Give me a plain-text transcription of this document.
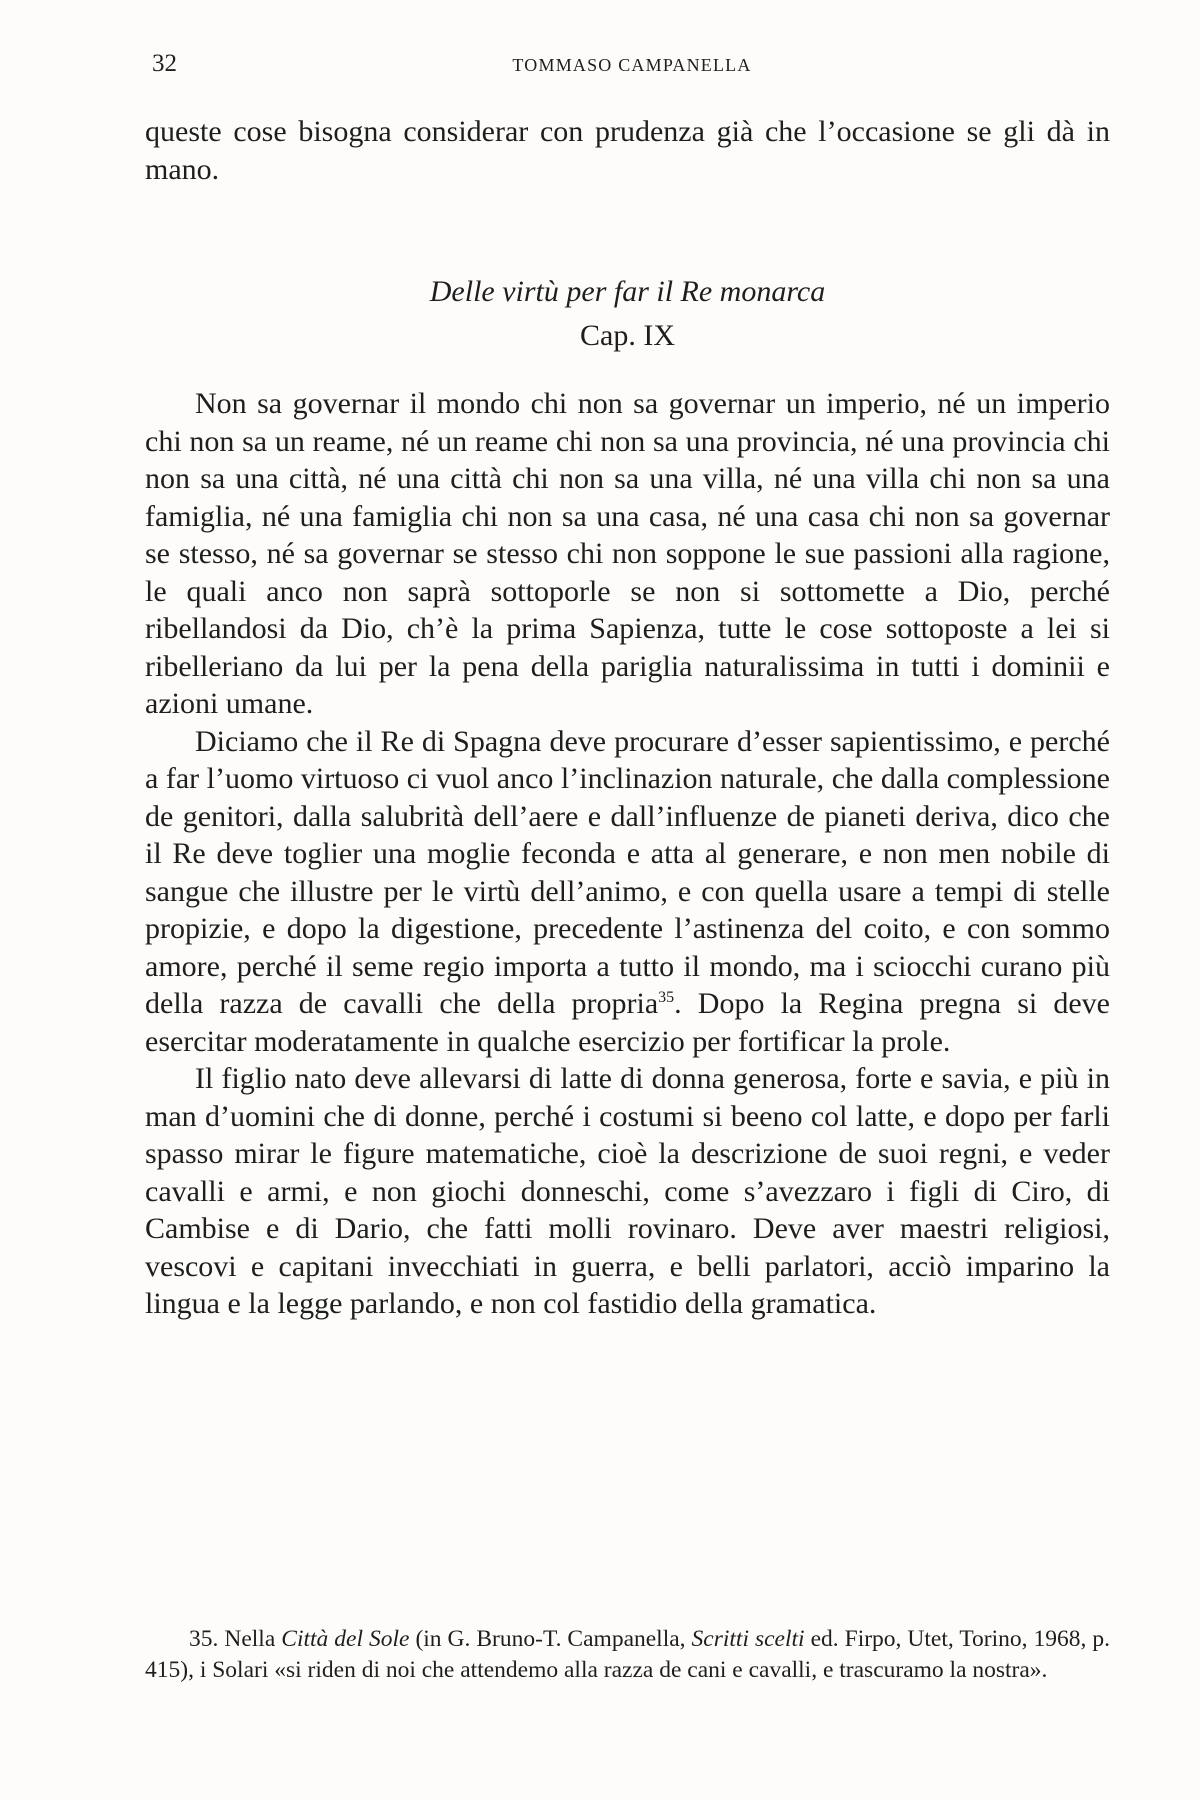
32	TOMMASO CAMPANELLA

queste cose bisogna considerar con prudenza già che l’occasione se gli dà in mano.

Delle virtù per far il Re monarca
Cap. IX

Non sa governar il mondo chi non sa governar un imperio, né un imperio chi non sa un reame, né un reame chi non sa una provincia, né una provincia chi non sa una città, né una città chi non sa una villa, né una villa chi non sa una famiglia, né una famiglia chi non sa una casa, né una casa chi non sa governar se stesso, né sa governar se stesso chi non soppone le sue passioni alla ragione, le quali anco non saprà sottoporle se non si sottomette a Dio, perché ribellandosi da Dio, ch’è la prima Sapienza, tutte le cose sottoposte a lei si ribelleriano da lui per la pena della pariglia naturalissima in tutti i dominii e azioni umane.

Diciamo che il Re di Spagna deve procurare d’esser sapientissimo, e perché a far l’uomo virtuoso ci vuol anco l’inclinazion naturale, che dalla complessione de genitori, dalla salubrità dell’aere e dall’influenze de pianeti deriva, dico che il Re deve toglier una moglie feconda e atta al generare, e non men nobile di sangue che illustre per le virtù dell’animo, e con quella usare a tempi di stelle propizie, e dopo la digestione, precedente l’astinenza del coito, e con sommo amore, perché il seme regio importa a tutto il mondo, ma i sciocchi curano più della razza de cavalli che della propria$^{35}$. Dopo la Regina pregna si deve esercitar moderatamente in qualche esercizio per fortificar la prole.

Il figlio nato deve allevarsi di latte di donna generosa, forte e savia, e più in man d’uomini che di donne, perché i costumi si beeno col latte, e dopo per farli spasso mirar le figure matematiche, cioè la descrizione de suoi regni, e veder cavalli e armi, e non giochi donneschi, come s’avezzaro i figli di Ciro, di Cambise e di Dario, che fatti molli rovinaro. Deve aver maestri religiosi, vescovi e capitani invecchiati in guerra, e belli parlatori, acciò imparino la lingua e la legge parlando, e non col fastidio della gramatica.

35. Nella Città del Sole (in G. Bruno-T. Campanella, Scritti scelti ed. Firpo, Utet, Torino, 1968, p. 415), i Solari «si riden di noi che attendemo alla razza de cani e cavalli, e trascuramo la nostra».
